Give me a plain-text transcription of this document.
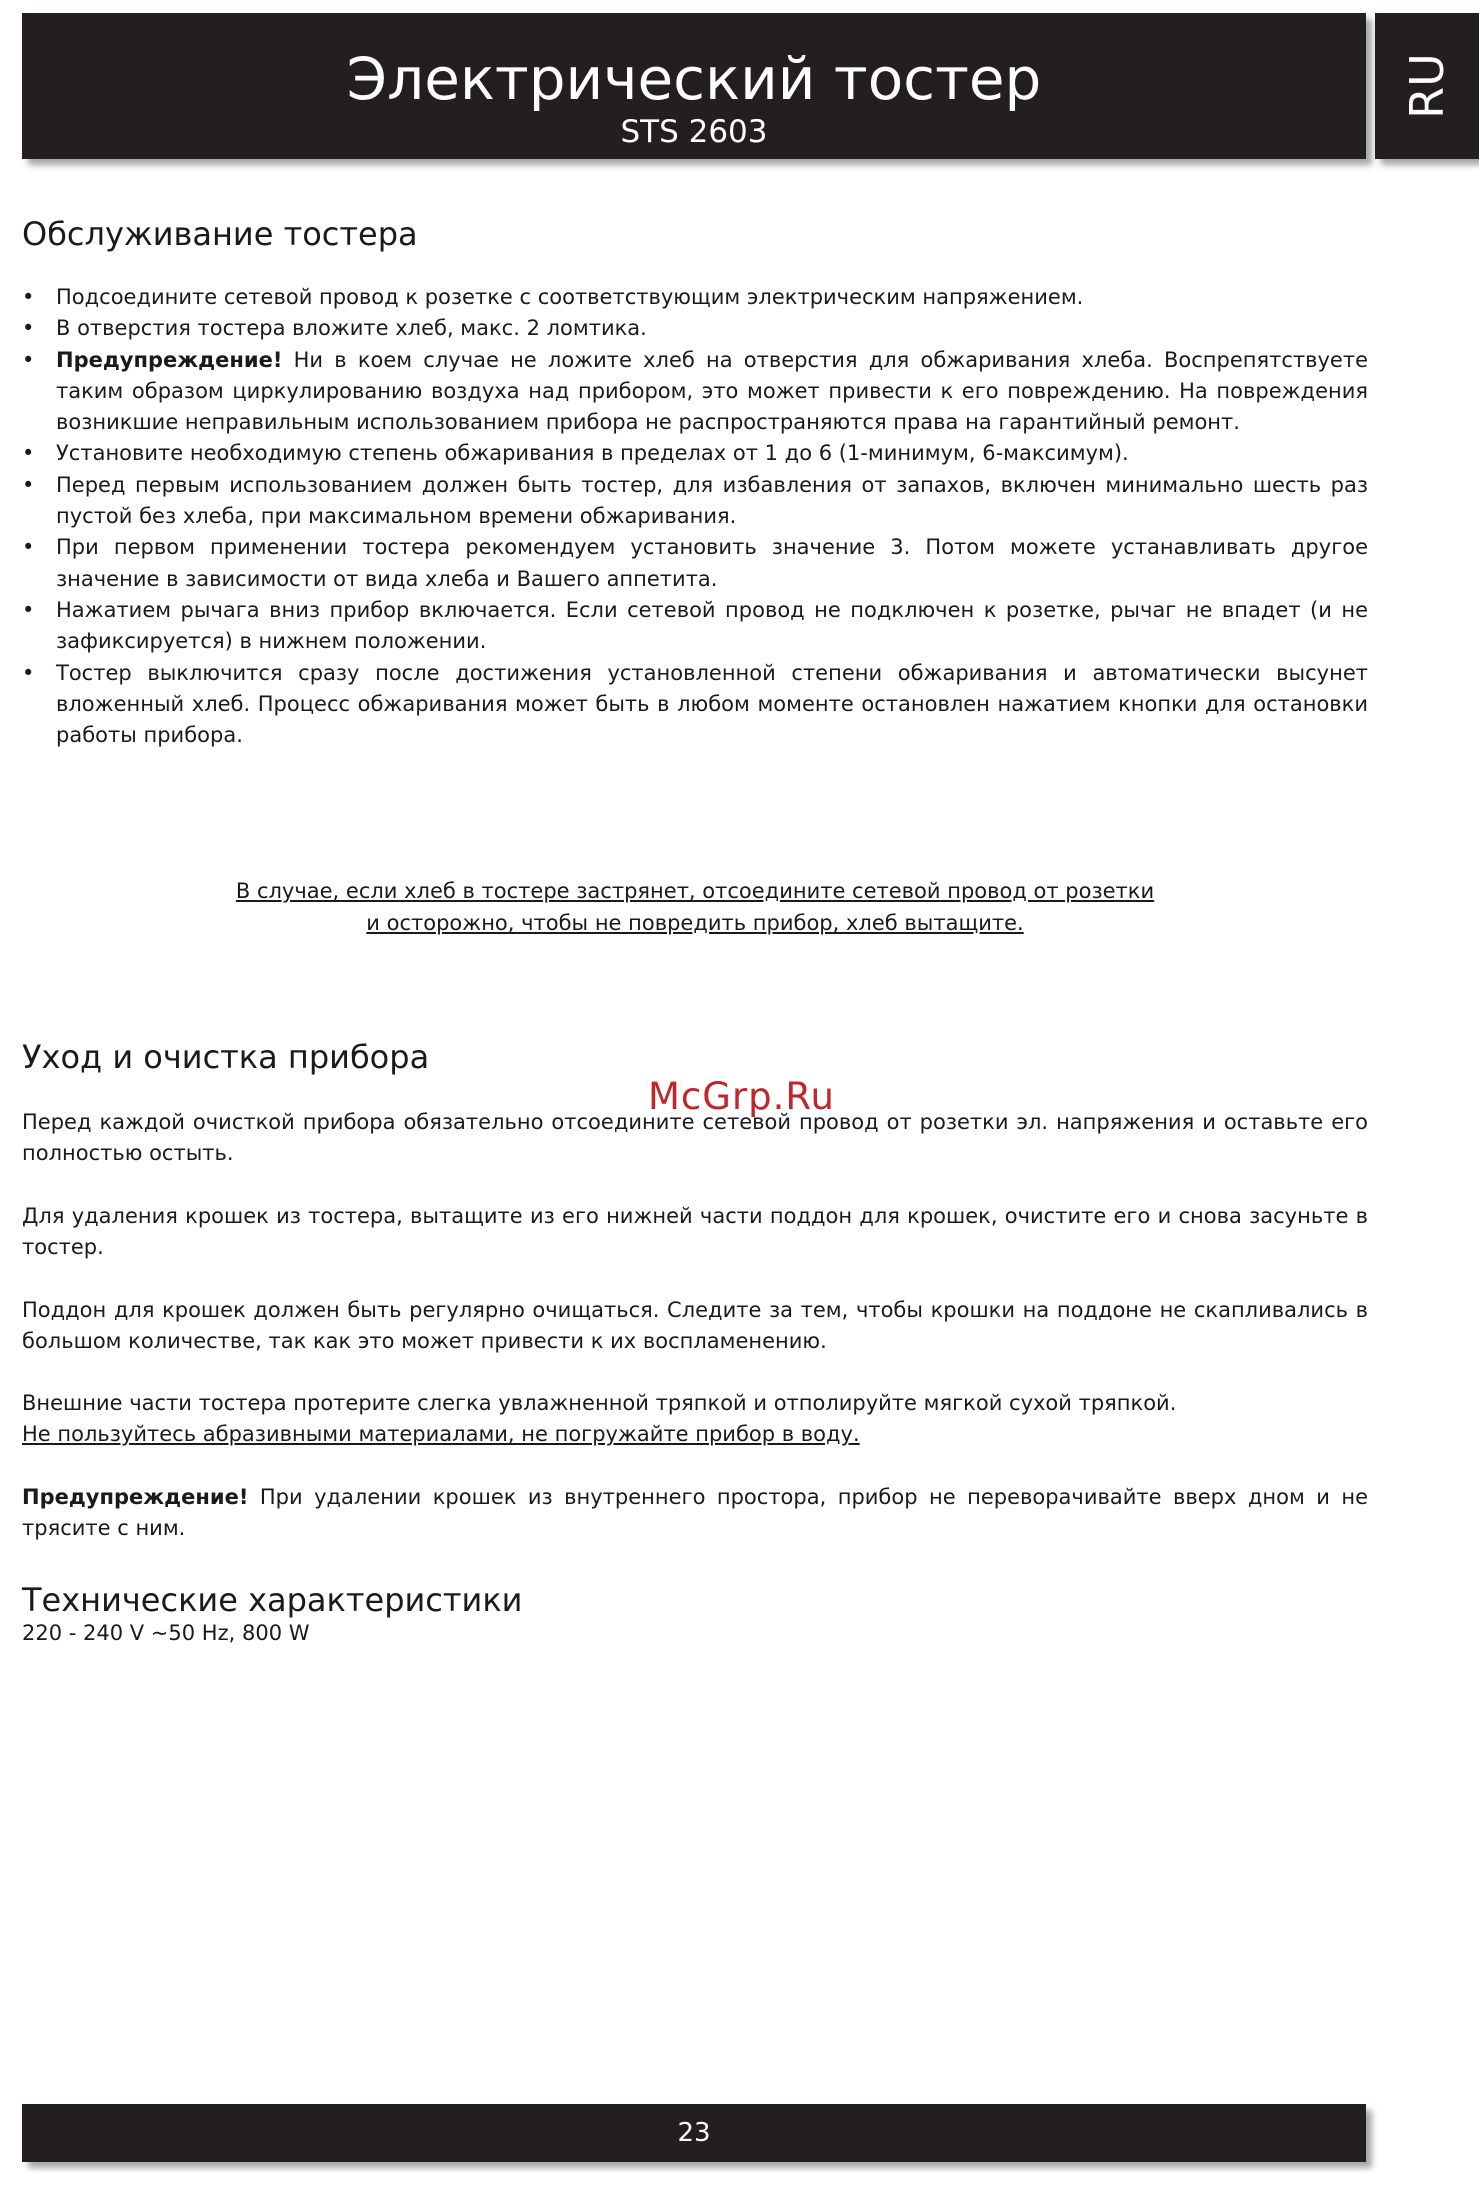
Электрический тостер
STS 2603
RU
Обслуживание тостера
• Подсоедините сетевой провод к розетке с соответствующим электрическим напряжением.
• В отверстия тостера вложите хлеб, макс. 2 ломтика.
• Предупреждение! Ни в коем случае не ложите хлеб на отверстия для обжаривания хлеба. Воспрепятствуете таким образом циркулированию воздуха над прибором, это может привести к его повреждению. На повреждения возникшие неправильным использованием прибора не распространяются права на гарантийный ремонт.
• Установите необходимую степень обжаривания в пределах от 1 до 6 (1-минимум, 6-максимум).
• Перед первым использованием должен быть тостер, для избавления от запахов, включен минимально шесть раз пустой без хлеба, при максимальном времени обжаривания.
• При первом применении тостера рекомендуем установить значение 3. Потом можете устанавливать другое значение в зависимости от вида хлеба и Вашего аппетита.
• Нажатием рычага вниз прибор включается. Если сетевой провод не подключен к розетке, рычаг не впадет (и не зафиксируется) в нижнем положении.
• Тостер выключится сразу после достижения установленной степени обжаривания и автоматически высунет вложенный хлеб. Процесс обжаривания может быть в любом моменте остановлен нажатием кнопки для остановки работы прибора.
В случае, если хлеб в тостере застрянет, отсоедините сетевой провод от розетки
и осторожно, чтобы не повредить прибор, хлеб вытащите.
Уход и очистка прибора

Перед каждой очисткой прибора обязательно отсоедините сетевой провод от розетки эл. напряжения и оставьте его полностью остыть.

Для удаления крошек из тостера, вытащите из его нижней части поддон для крошек, очистите его и снова засуньте в тостер.

Поддон для крошек должен быть регулярно очищаться. Следите за тем, чтобы крошки на поддоне не скапливались в большом количестве, так как это может привести к их воспламенению.

Внешние части тостера протерите слегка увлажненной тряпкой и отполируйте мягкой сухой тряпкой.
Не пользуйтесь абразивными материалами, не погружайте прибор в воду.

Предупреждение! При удалении крошек из внутреннего простора, прибор не переворачивайте вверх дном и не трясите с ним.

Технические характеристики
220 - 240 V ~50 Hz, 800 W
McGrp.Ru
23
